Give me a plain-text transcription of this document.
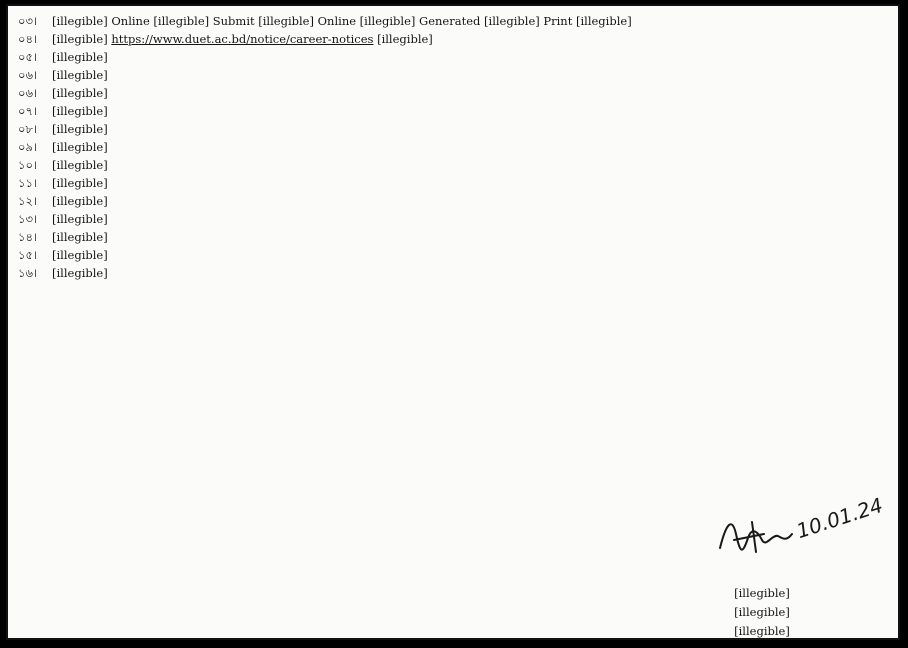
০৩।	[illegible] Online [illegible] Submit [illegible] Online [illegible] Generated [illegible] Print [illegible]
০৪।	[illegible] https://www.duet.ac.bd/notice/career-notices [illegible]
০৫।	[illegible]
০৬।	[illegible]
০৬।	[illegible]
০৭।	[illegible]
০৮।	[illegible]
০৯।	[illegible]
১০।	[illegible]
১১।	[illegible]
১২।	[illegible]
১৩।	[illegible]
১৪।	[illegible]
১৫।	[illegible]
১৬।	[illegible]
10.01.24
[illegible]
[illegible]
[illegible]
